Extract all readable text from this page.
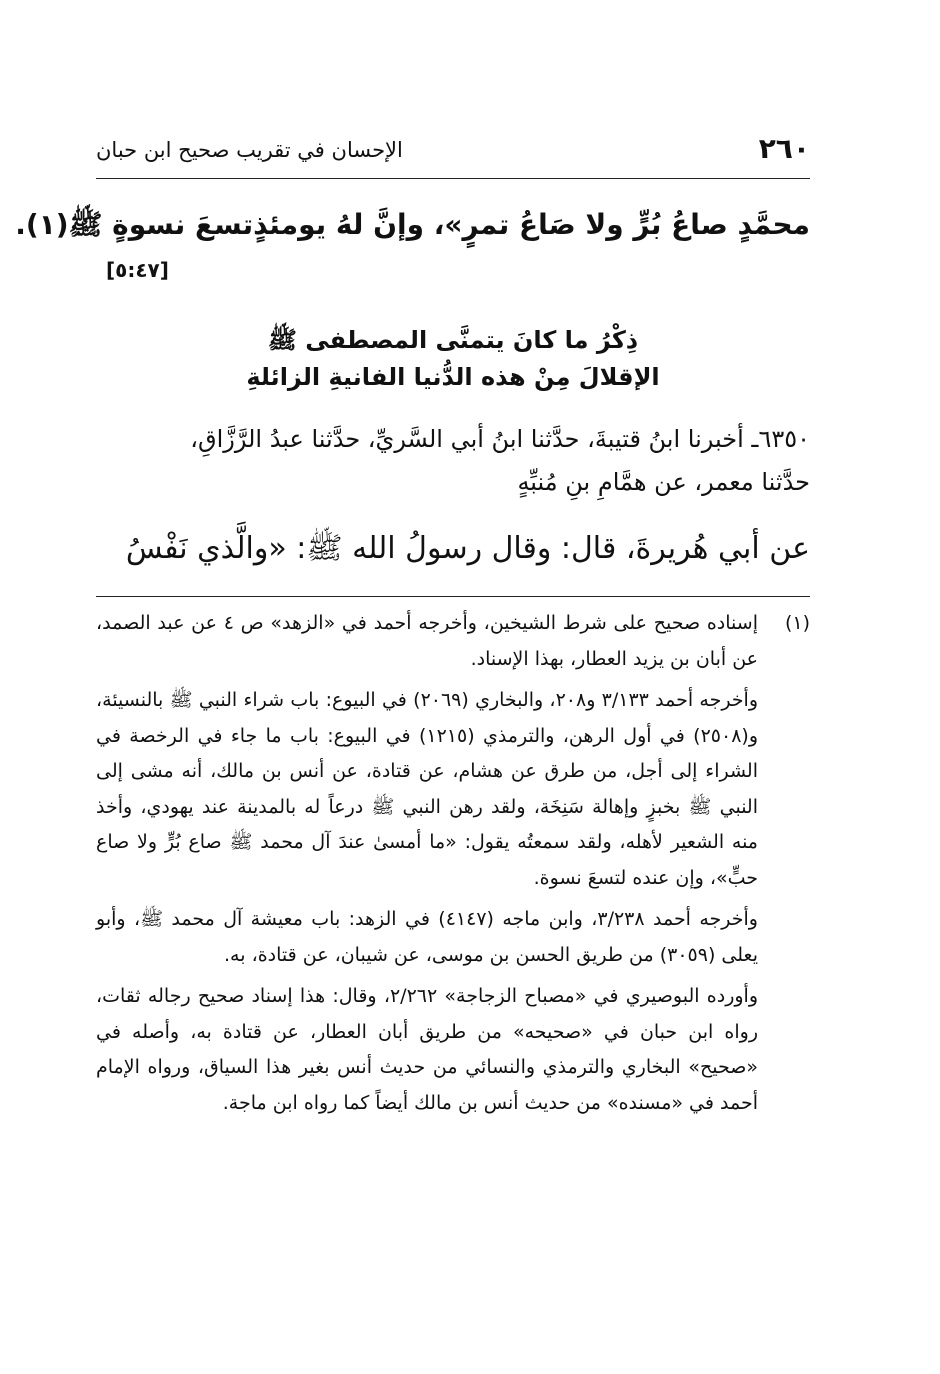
٢٦٠
الإحسان في تقريب صحيح ابن حبان
محمَّدٍ صاعُ بُرٍّ ولا صَاعُ تمرٍ»، وإنَّ لهُ يومئذٍتسعَ نسوةٍ ﷺ(١).
[٥:٤٧]
ذِكْرُ ما كانَ يتمنَّى المصطفى ﷺ
الإقلالَ مِنْ هذه الدُّنيا الفانيةِ الزائلةِ
٦٣٥٠ـ أخبرنا ابنُ قتيبةَ، حدَّثنا ابنُ أبي السَّريِّ، حدَّثنا عبدُ الرَّزَّاقِ،
حدَّثنا معمر، عن همَّامِ بنِ مُنبِّهٍ
عن أبي هُريرةَ، قال: وقال رسولُ الله ﷺ: «والَّذي نَفْسُ
(١)
إسناده صحيح على شرط الشيخين، وأخرجه أحمد في «الزهد» ص ٤ عن عبد الصمد، عن أبان بن يزيد العطار، بهذا الإسناد.
وأخرجه أحمد ٣/١٣٣ و٢٠٨، والبخاري (٢٠٦٩) في البيوع: باب شراء النبي ﷺ بالنسيئة، و(٢٥٠٨) في أول الرهن، والترمذي (١٢١٥) في البيوع: باب ما جاء في الرخصة في الشراء إلى أجل، من طرق عن هشام، عن قتادة، عن أنس بن مالك، أنه مشى إلى النبي ﷺ بخبزٍ وإهالة سَنِخَة، ولقد رهن النبي ﷺ درعاً له بالمدينة عند يهودي، وأخذ منه الشعير لأهله، ولقد سمعتُه يقول: «ما أمسىٰ عندَ آل محمد ﷺ صاع بُرٍّ ولا صاع حبٍّ»، وإن عنده لتسعَ نسوة.
وأخرجه أحمد ٣/٢٣٨، وابن ماجه (٤١٤٧) في الزهد: باب معيشة آل محمد ﷺ، وأبو يعلى (٣٠٥٩) من طريق الحسن بن موسى، عن شيبان، عن قتادة، به.
وأورده البوصيري في «مصباح الزجاجة» ٢/٢٦٢، وقال: هذا إسناد صحيح رجاله ثقات، رواه ابن حبان في «صحيحه» من طريق أبان العطار، عن قتادة به، وأصله في «صحيح» البخاري والترمذي والنسائي من حديث أنس بغير هذا السياق، ورواه الإمام أحمد في «مسنده» من حديث أنس بن مالك أيضاً كما رواه ابن ماجة.
